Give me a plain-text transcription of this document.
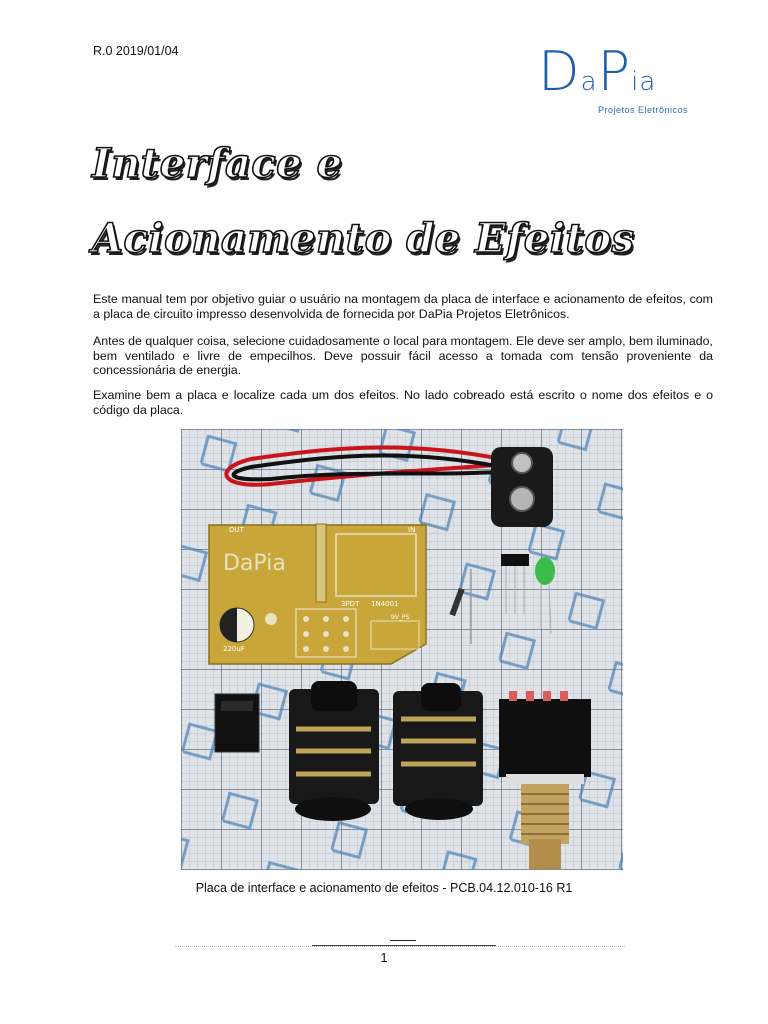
R.0 2019/01/04	DaPia
Projetos Eletrônicos
Interface e
Acionamento de Efeitos

Este manual tem por objetivo guiar o usuário na montagem da placa de interface e acionamento de efeitos, com a placa de circuito impresso desenvolvida de fornecida por DaPia Projetos Eletrônicos.

Antes de qualquer coisa, selecione cuidadosamente o local para montagem. Ele deve ser amplo, bem iluminado, bem ventilado e livre de empecilhos. Deve possuir fácil acesso a tomada com tensão proveniente da concessionária de energia.

Examine bem a placa e localize cada um dos efeitos. No lado cobreado está escrito o nome dos efeitos e o código da placa.

OUT	IN
DaPia
220uF
3PDT 1N4001
9V_PS
Placa de interface e acionamento de efeitos - PCB.04.12.010-16 R1
1
